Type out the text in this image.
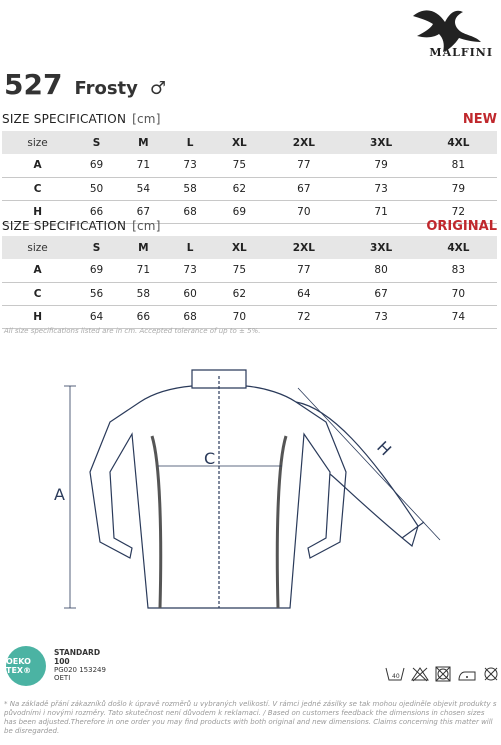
MALFINI
527 Frosty ♂
SIZE SPECIFICATION [cm]	NEW
size	S	M	L	XL	2XL	3XL	4XL
A	69	71	73	75	77	79	81
C	50	54	58	62	67	73	79
H	66	67	68	69	70	71	72
SIZE SPECIFICATION [cm]	ORIGINAL
size	S	M	L	XL	2XL	3XL	4XL
A	69	71	73	75	77	80	83
C	56	58	60	62	64	67	70
H	64	66	68	70	72	73	74
All size specifications listed are in cm. Accepted tolerance of up to ± 5%.
A
C	H
OEKO TEX®
STANDARD
100
PG020 153249
OETI	40
* Na základě přání zákazníků došlo k úpravě rozměrů u vybraných velikostí. V rámci jedné zásilky se tak mohou ojediněle objevit produkty s původními i novými rozměry. Tato skutečnost není důvodem k reklamaci. / Based on customers feedback the dimensions in chosen sizes has been adjusted.Therefore in one order you may find products with both original and new dimensions. Claims concerning this matter will be disregarded.
